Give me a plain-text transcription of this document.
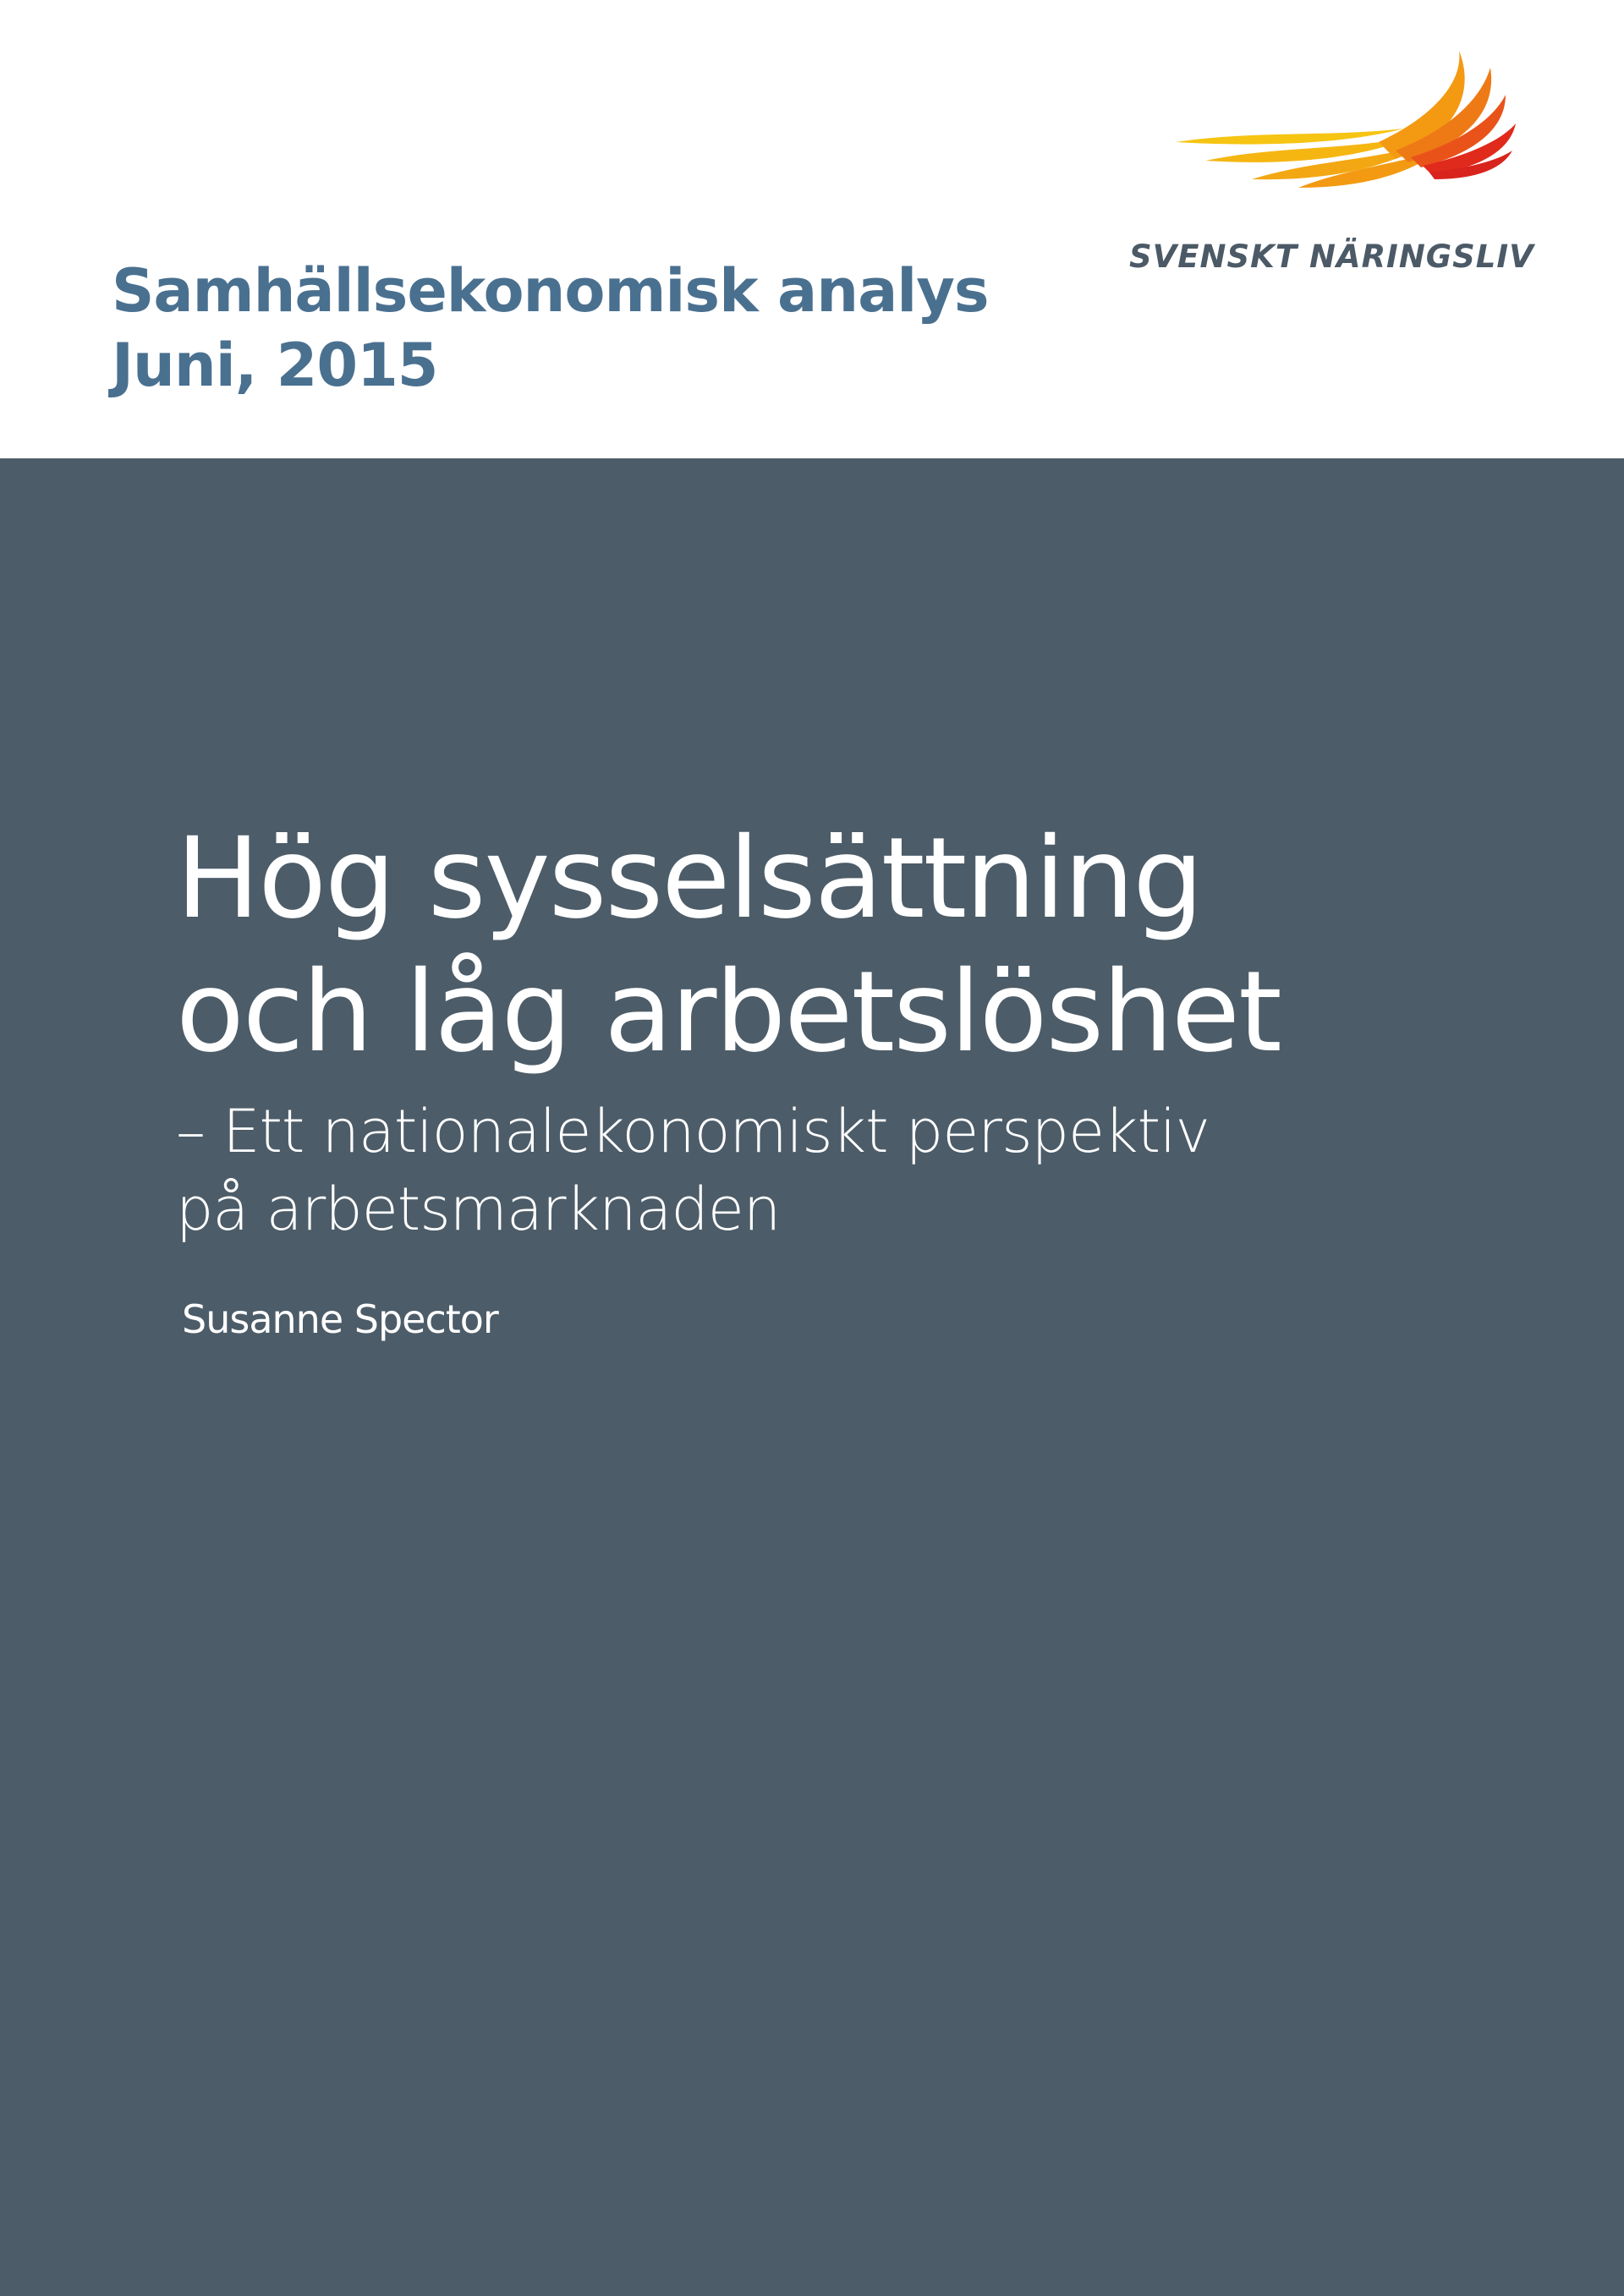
Samhällsekonomisk analys
Juni, 2015
SVENSKT NÄRINGSLIV
Hög sysselsättning
och låg arbetslöshet
– Ett nationalekonomiskt perspektiv
på arbetsmarknaden
Susanne Spector
